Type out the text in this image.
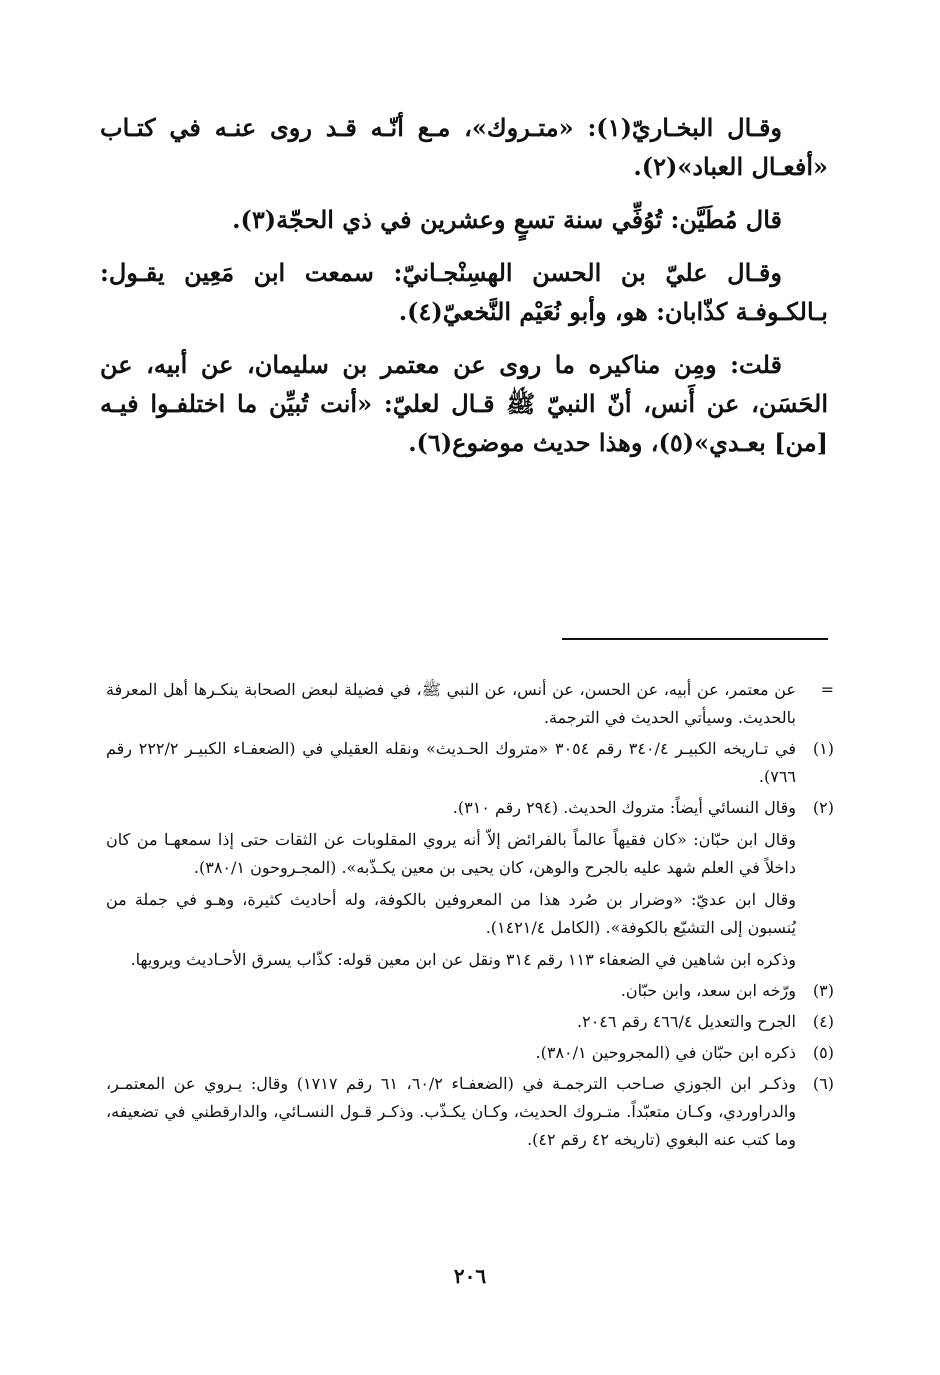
وقـال البخـاريّ(١): «متـروك»، مـع أنّـه قـد روى عنـه في كتـاب «أفعـال العباد»(٢).

قال مُطَيَّن: تُوُفِّي سنة تسعٍ وعشرين في ذي الحجّة(٣).

وقـال عليّ بن الحسن الهسِنْجـانيّ: سمعت ابن مَعِين يقـول: بـالكـوفـة كذّابان: هو، وأبو نُعَيْم النَّخعيّ(٤).

قلت: ومِن مناكيره ما روى عن معتمر بن سليمان، عن أبيه، عن الحَسَن، عن أَنس، أنّ النبيّ ﷺ قـال لعليّ: «أنت تُبيِّن ما اختلفـوا فيـه [من] بعـدي»(٥)، وهذا حديث موضوع(٦).

=
عن معتمر، عن أبيه، عن الحسن، عن أنس، عن النبي ﷺ، في فضيلة لبعض الصحابة ينكـرها أهل المعرفة بالحديث. وسيأتي الحديث في الترجمة.
(١)
في تـاريخه الكبيـر ٣٤٠/٤ رقم ٣٠٥٤ «متروك الحـديث» ونقله العقيلي في (الضعفـاء الكبيـر ٢٢٢/٢ رقم ٧٦٦).
(٢)
وقال النسائي أيضاً: متروك الحديث. (٢٩٤ رقم ٣١٠).
وقال ابن حبّان: «كان فقيهاً عالماً بالفرائض إلاّ أنه يروي المقلوبات عن الثقات حتى إذا سمعهـا من كان داخلاً في العلم شهد عليه بالجرح والوهن، كان يحيى بن معين يكـذّبه». (المجـروحون ٣٨٠/١).
وقال ابن عديّ: «وضرار بن صُرد هذا من المعروفين بالكوفة، وله أحاديث كثيرة، وهـو في جملة من يُنسبون إلى التشيّع بالكوفة». (الكامل ١٤٢١/٤).
وذكره ابن شاهين في الضعفاء ١١٣ رقم ٣١٤ ونقل عن ابن معين قوله: كذّاب يسرق الأحـاديث ويرويها.
(٣)
ورّخه ابن سعد، وابن حبّان.
(٤)
الجرح والتعديل ٤٦٦/٤ رقم ٢٠٤٦.
(٥)
ذكره ابن حبّان في (المجروحين ٣٨٠/١).
(٦)
وذكـر ابن الجوزي صـاحب الترجمـة في (الضعفـاء ٦٠/٢، ٦١ رقم ١٧١٧) وقال: يـروي عن المعتمـر، والدراوردي، وكـان متعبّداً. متـروك الحديث، وكـان يكـذّب. وذكـر قـول النسـائي، والدارقطني في تضعيفه، وما كتب عنه البغوي (تاريخه ٤٢ رقم ٤٢).
٢٠٦
